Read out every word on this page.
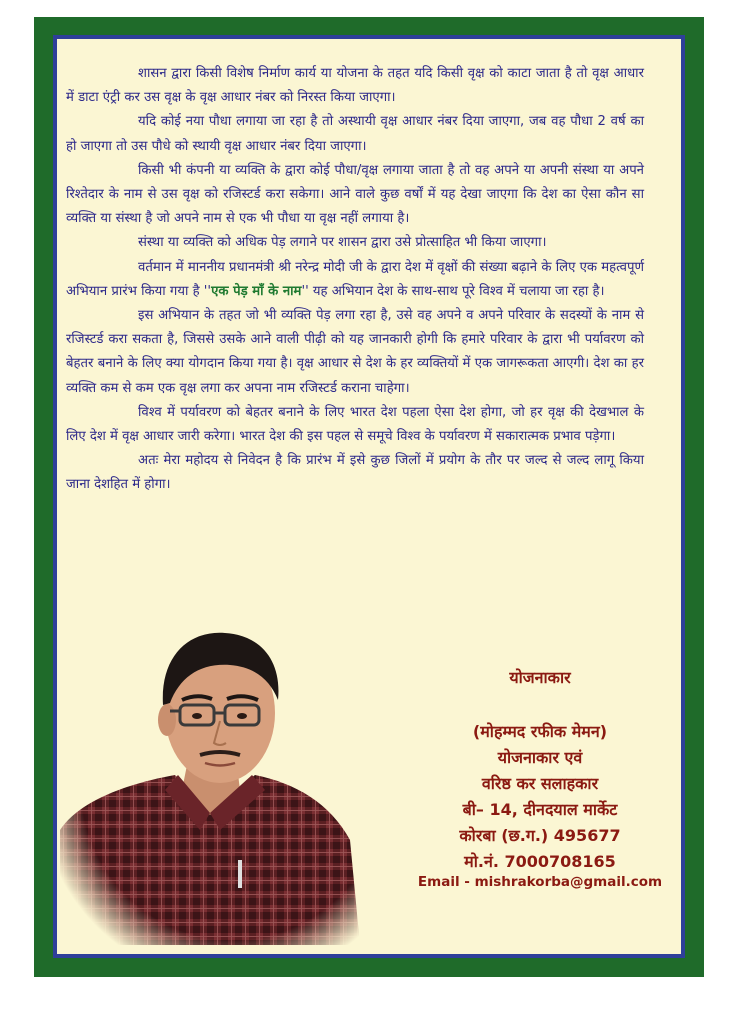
शासन द्वारा किसी विशेष निर्माण कार्य या योजना के तहत यदि किसी वृक्ष को काटा जाता है तो वृक्ष आधार में डाटा एंट्री कर उस वृक्ष के वृक्ष आधार नंबर को निरस्त किया जाएगा।

यदि कोई नया पौधा लगाया जा रहा है तो अस्थायी वृक्ष आधार नंबर दिया जाएगा, जब वह पौधा 2 वर्ष का हो जाएगा तो उस पौधे को स्थायी वृक्ष आधार नंबर दिया जाएगा।

किसी भी कंपनी या व्यक्ति के द्वारा कोई पौधा/वृक्ष लगाया जाता है तो वह अपने या अपनी संस्था या अपने रिश्तेदार के नाम से उस वृक्ष को रजिस्टर्ड करा सकेगा। आने वाले कुछ वर्षों में यह देखा जाएगा कि देश का ऐसा कौन सा व्यक्ति या संस्था है जो अपने नाम से एक भी पौधा या वृक्ष नहीं लगाया है।

संस्था या व्यक्ति को अधिक पेड़ लगाने पर शासन द्वारा उसे प्रोत्साहित भी किया जाएगा।

वर्तमान में माननीय प्रधानमंत्री श्री नरेन्द्र मोदी जी के द्वारा देश में वृक्षों की संख्या बढ़ाने के लिए एक महत्वपूर्ण अभियान प्रारंभ किया गया है ''एक पेड़ माँ के नाम'' यह अभियान देश के साथ-साथ पूरे विश्व में चलाया जा रहा है।

इस अभियान के तहत जो भी व्यक्ति पेड़ लगा रहा है, उसे वह अपने व अपने परिवार के सदस्यों के नाम से रजिस्टर्ड करा सकता है, जिससे उसके आने वाली पीढ़ी को यह जानकारी होगी कि हमारे परिवार के द्वारा भी पर्यावरण को बेहतर बनाने के लिए क्या योगदान किया गया है। वृक्ष आधार से देश के हर व्यक्तियों में एक जागरूकता आएगी। देश का हर व्यक्ति कम से कम एक वृक्ष लगा कर अपना नाम रजिस्टर्ड कराना चाहेगा।

विश्व में पर्यावरण को बेहतर बनाने के लिए भारत देश पहला ऐसा देश होगा, जो हर वृक्ष की देखभाल के लिए देश में वृक्ष आधार जारी करेगा। भारत देश की इस पहल से समूचे विश्व के पर्यावरण में सकारात्मक प्रभाव पड़ेगा।

अतः मेरा महोदय से निवेदन है कि प्रारंभ में इसे कुछ जिलों में प्रयोग के तौर पर जल्द से जल्द लागू किया जाना देशहित में होगा।

योजनाकार
(मोहम्मद रफीक मेमन)
योजनाकार एवं
वरिष्ठ कर सलाहकार
बी– 14, दीनदयाल मार्केट
कोरबा (छ.ग.) 495677
मो.नं. 7000708165
Email - mishrakorba@gmail.com
